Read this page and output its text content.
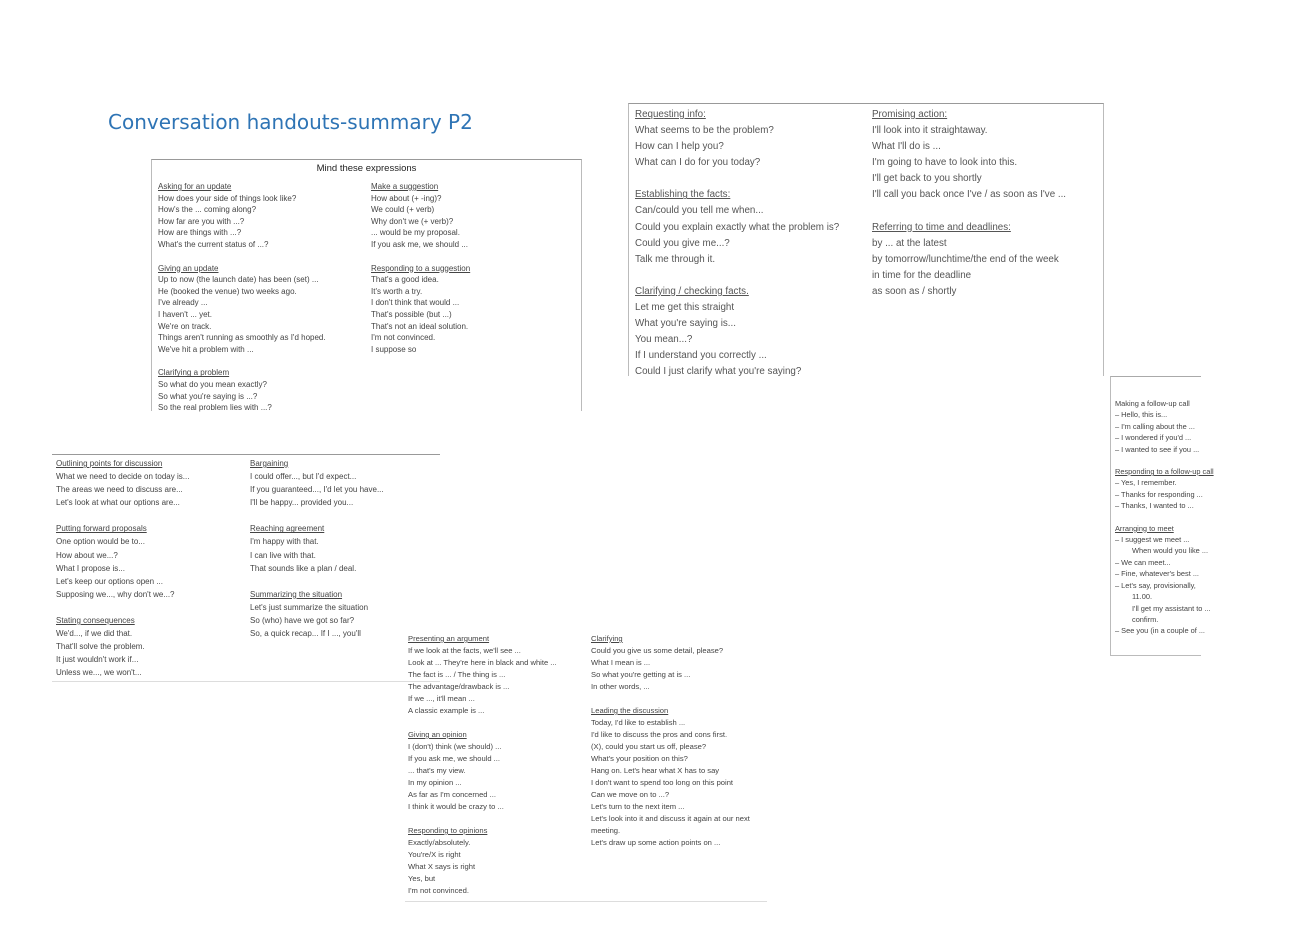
Conversation handouts-summary P2
Mind these expressions
Asking for an update
How does your side of things look like?
How's the ... coming along?
How far are you with ...?
How are things with ...?
What's the current status of ...?
Giving an update
Up to now (the launch date) has been (set) ...
He (booked the venue) two weeks ago.
I've already ...
I haven't ... yet.
We're on track.
Things aren't running as smoothly as I'd hoped.
We've hit a problem with ...
Clarifying a problem
So what do you mean exactly?
So what you're saying is ...?
So the real problem lies with ...?
Make a suggestion
How about (+ -ing)?
We could (+ verb)
Why don't we (+ verb)?
... would be my proposal.
If you ask me, we should ...
Responding to a suggestion
That's a good idea.
It's worth a try.
I don't think that would ...
That's possible (but ...)
That's not an ideal solution.
I'm not convinced.
I suppose so
Requesting info:
What seems to be the problem?
How can I help you?
What can I do for you today?
Establishing the facts:
Can/could you tell me when...
Could you explain exactly what the problem is?
Could you give me...?
Talk me through it.
Clarifying / checking facts.
Let me get this straight
What you're saying is...
You mean...?
If I understand you correctly ...
Could I just clarify what you're saying?
Promising action:
I'll look into it straightaway.
What I'll do is ...
I'm going to have to look into this.
I'll get back to you shortly
I'll call you back once I've / as soon as I've ...
Referring to time and deadlines:
by ... at the latest
by tomorrow/lunchtime/the end of the week
in time for the deadline
as soon as / shortly
Outlining points for discussion
What we need to decide on today is...
The areas we need to discuss are...
Let's look at what our options are...
Putting forward proposals
One option would be to...
How about we...?
What I propose is...
Let's keep our options open ...
Supposing we..., why don't we...?
Stating consequences
We'd..., if we did that.
That'll solve the problem.
It just wouldn't work if...
Unless we..., we won't...
Bargaining
I could offer..., but I'd expect...
If you guaranteed..., I'd let you have...
I'll be happy... provided you...
Reaching agreement
I'm happy with that.
I can live with that.
That sounds like a plan / deal.
Summarizing the situation
Let's just summarize the situation
So (who) have we got so far?
So, a quick recap... If I ..., you'll
Presenting an argument
If we look at the facts, we'll see ...
Look at ... They're here in black and white ...
The fact is ... / The thing is ...
The advantage/drawback is ...
If we ..., it'll mean ...
A classic example is ...
Giving an opinion
I (don't) think (we should) ...
If you ask me, we should ...
... that's my view.
In my opinion ...
As far as I'm concerned ...
I think it would be crazy to ...
Responding to opinions
Exactly/absolutely.
You're/X is right
What X says is right
Yes, but
I'm not convinced.
Clarifying
Could you give us some detail, please?
What I mean is ...
So what you're getting at is ...
In other words, ...
Leading the discussion
Today, I'd like to establish ...
I'd like to discuss the pros and cons first.
(X), could you start us off, please?
What's your position on this?
Hang on. Let's hear what X has to say
I don't want to spend too long on this point
Can we move on to ...?
Let's turn to the next item ...
Let's look into it and discuss it again at our next
meeting.
Let's draw up some action points on ...
Making a follow-up call
– Hello, this is...
– I'm calling about the ...
– I wondered if you'd ...
– I wanted to see if you ...
Responding to a follow-up call
– Yes, I remember.
– Thanks for responding ...
– Thanks, I wanted to ...
Arranging to meet
– I suggest we meet ...
When would you like ...
– We can meet...
– Fine, whatever's best ...
– Let's say, provisionally,
11.00.
I'll get my assistant to ...
confirm.
– See you (in a couple of ...
